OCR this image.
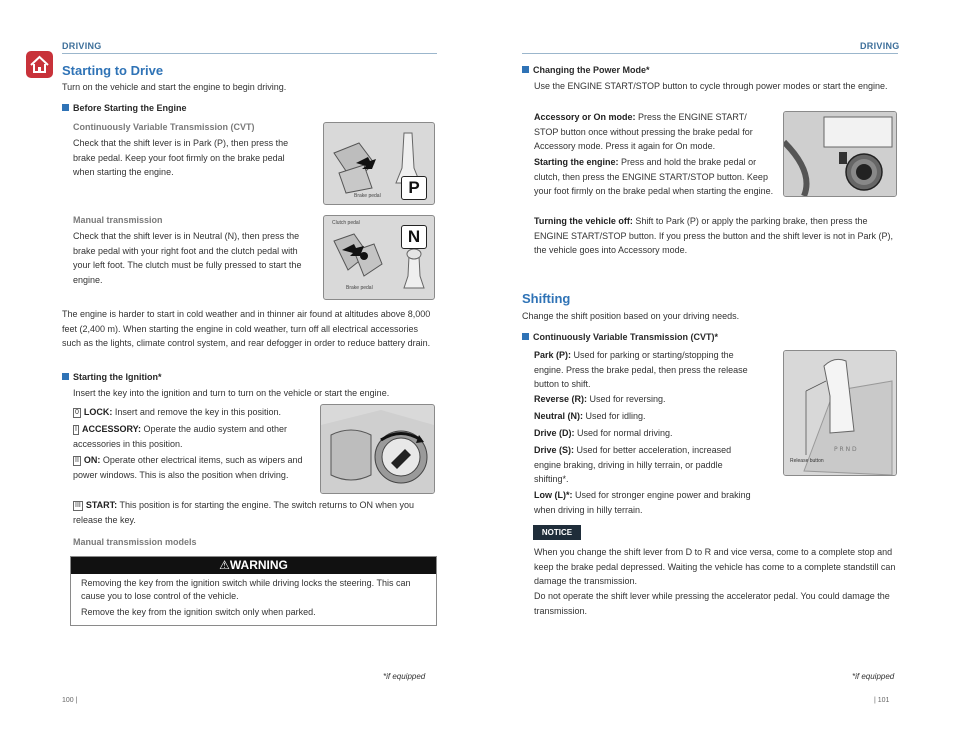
DRIVING	DRIVING
Starting to Drive
Turn on the vehicle and start the engine to begin driving.
Before Starting the Engine
Continuously Variable Transmission (CVT)
Check that the shift lever is in Park (P), then press the brake pedal. Keep your foot firmly on the brake pedal when starting the engine.
P
Brake pedal
Manual transmission
Check that the shift lever is in Neutral (N), then press the brake pedal with your right foot and the clutch pedal with your left foot. The clutch must be fully pressed to start the engine.
N
Clutch pedal
Brake pedal
The engine is harder to start in cold weather and in thinner air found at altitudes above 8,000 feet (2,400 m). When starting the engine in cold weather, turn off all electrical accessories such as the lights, climate control system, and rear defogger in order to reduce battery drain.
Starting the Ignition*
Insert the key into the ignition and turn to turn on the vehicle or start the engine.
0 LOCK: Insert and remove the key in this position.
I ACCESSORY: Operate the audio system and other accessories in this position.
II ON: Operate other electrical items, such as wipers and power windows. This is also the position when driving.
III START: This position is for starting the engine. The switch returns to ON when you release the key.
Manual transmission models
⚠WARNING
Removing the key from the ignition switch while driving locks the steering. This can cause you to lose control of the vehicle.
Remove the key from the ignition switch only when parked.
*if equipped
100 |
Changing the Power Mode*
Use the ENGINE START/STOP button to cycle through power modes or start the engine.
Accessory or On mode: Press the ENGINE START/ STOP button once without pressing the brake pedal for Accessory mode. Press it again for On mode.
Starting the engine: Press and hold the brake pedal or clutch, then press the ENGINE START/STOP button. Keep your foot firmly on the brake pedal when starting the engine.
Turning the vehicle off: Shift to Park (P) or apply the parking brake, then press the ENGINE START/STOP button. If you press the button and the shift lever is not in Park (P), the vehicle goes into Accessory mode.
Shifting
Change the shift position based on your driving needs.
Continuously Variable Transmission (CVT)*
Park (P): Used for parking or starting/stopping the engine. Press the brake pedal, then press the release button to shift.
Reverse (R): Used for reversing.
Neutral (N): Used for idling.
Drive (D): Used for normal driving.
Drive (S): Used for better acceleration, increased engine braking, driving in hilly terrain, or paddle shifting*.
Low (L)*: Used for stronger engine power and braking when driving in hilly terrain.
P R N D
Release button
NOTICE
When you change the shift lever from D to R and vice versa, come to a complete stop and keep the brake pedal depressed. Waiting the vehicle has come to a complete standstill can damage the transmission.
Do not operate the shift lever while pressing the accelerator pedal. You could damage the transmission.
*if equipped
| 101
